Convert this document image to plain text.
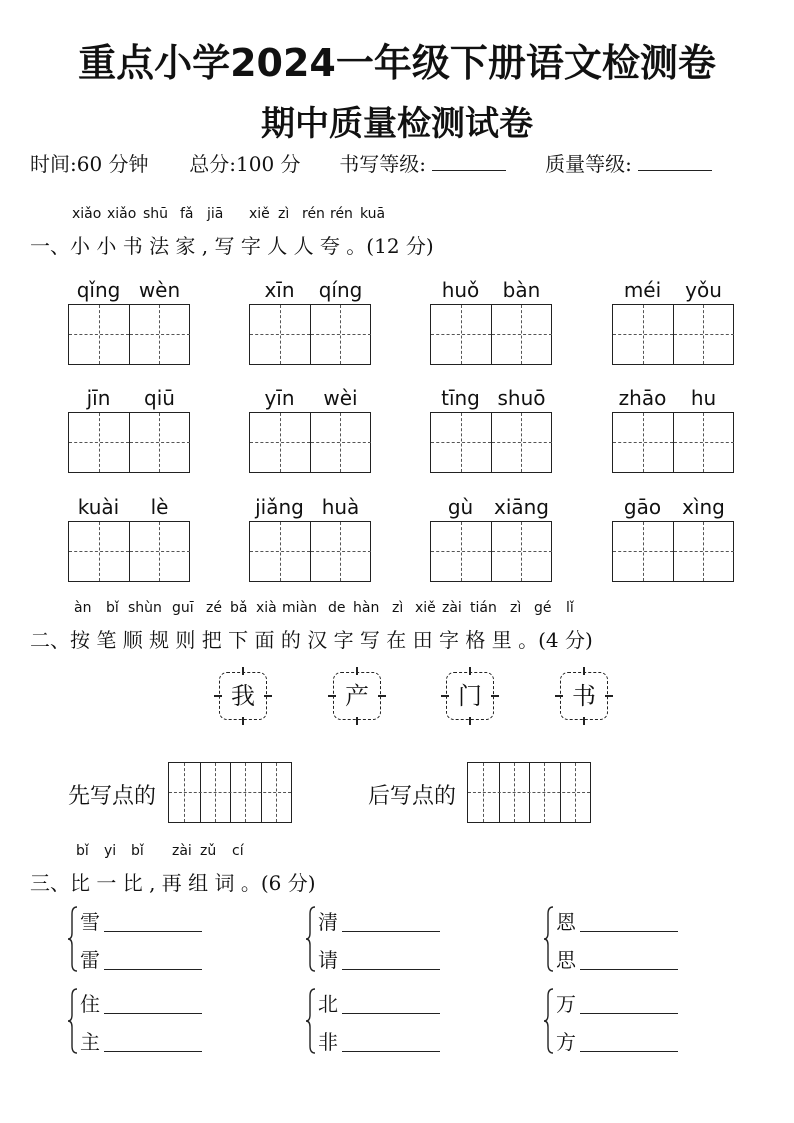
重点小学2024一年级下册语文检测卷
期中质量检测试卷
时间:60 分钟 总分:100 分 书写等级:	质量等级:
xiǎo xiǎo shū fǎ jiā xiě zì rén rén kuā
一、小 小 书 法 家 , 写 字 人 人 夸 。(12 分)
qǐng wèn	xīn	qíng	huǒ	bàn	méi	yǒu
jīn	qiū	yīn	wèi	tīng shuō	zhāo	hu
kuài	lè	jiǎng huà	gù	xiāng	gāo	xìng
àn bǐ shùn guī zé bǎ xià miàn de hàn zì xiě zài tián zì gé lǐ
二、按 笔 顺 规 则 把 下 面 的 汉 字 写 在 田 字 格 里 。(4 分)
我	产	门	书
先写点的	后写点的
bǐ yi bǐ zài zǔ cí
三、比 一 比 , 再 组 词 。(6 分)
雪
雷
清
请
恩
思
住
主
北
非
万
方
